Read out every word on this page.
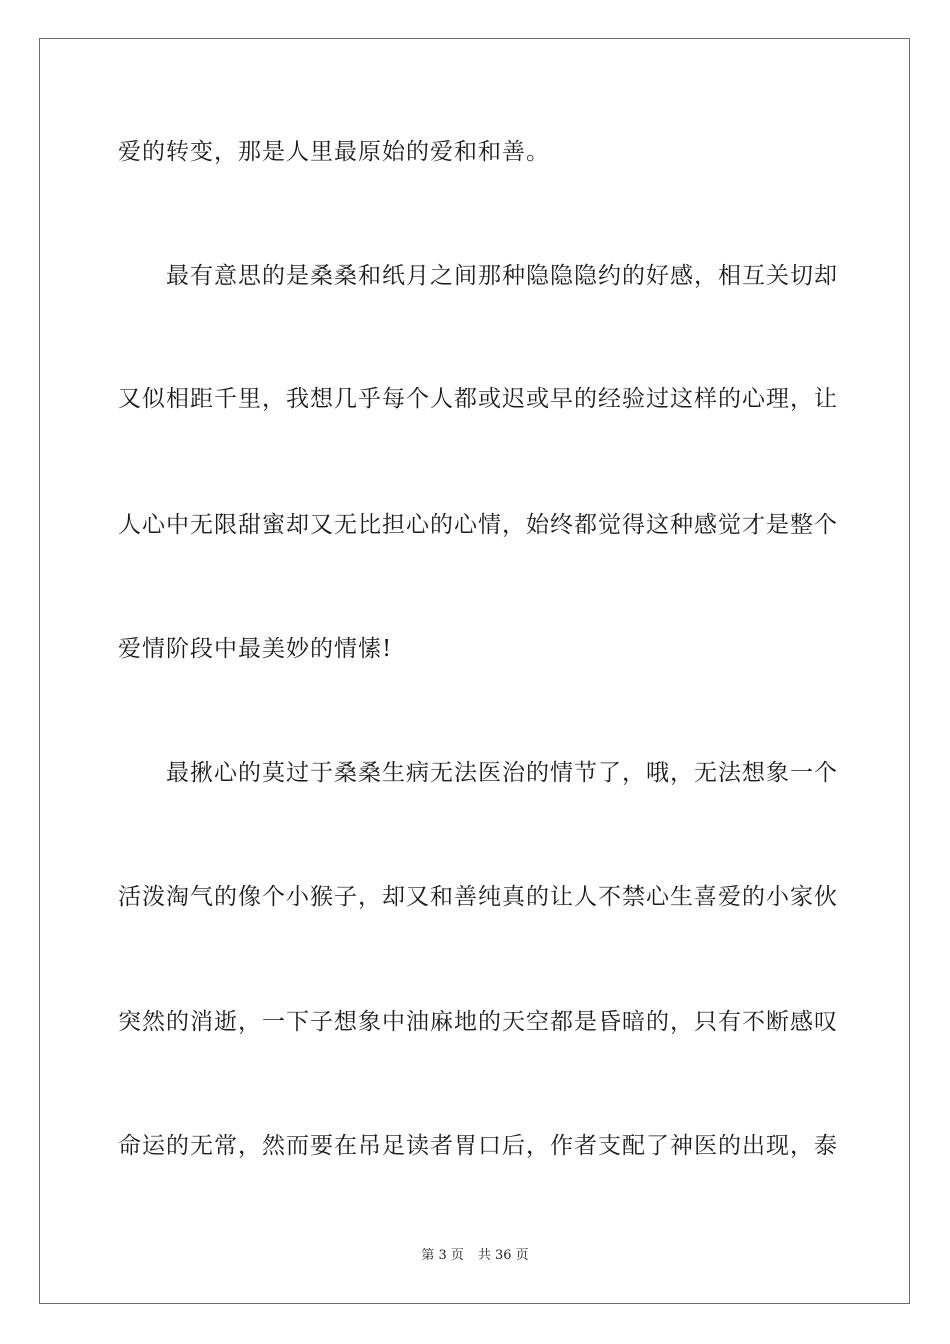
爱的转变，那是人里最原始的爱和和善。
最有意思的是桑桑和纸月之间那种隐隐隐约的好感，相互关切却
又似相距千里，我想几乎每个人都或迟或早的经验过这样的心理，让
人心中无限甜蜜却又无比担心的心情，始终都觉得这种感觉才是整个
爱情阶段中最美妙的情愫!
最揪心的莫过于桑桑生病无法医治的情节了，哦，无法想象一个
活泼淘气的像个小猴子，却又和善纯真的让人不禁心生喜爱的小家伙
突然的消逝，一下子想象中油麻地的天空都是昏暗的，只有不断感叹
命运的无常，然而要在吊足读者胃口后，作者支配了神医的出现，泰
第 3 页 共 36 页
